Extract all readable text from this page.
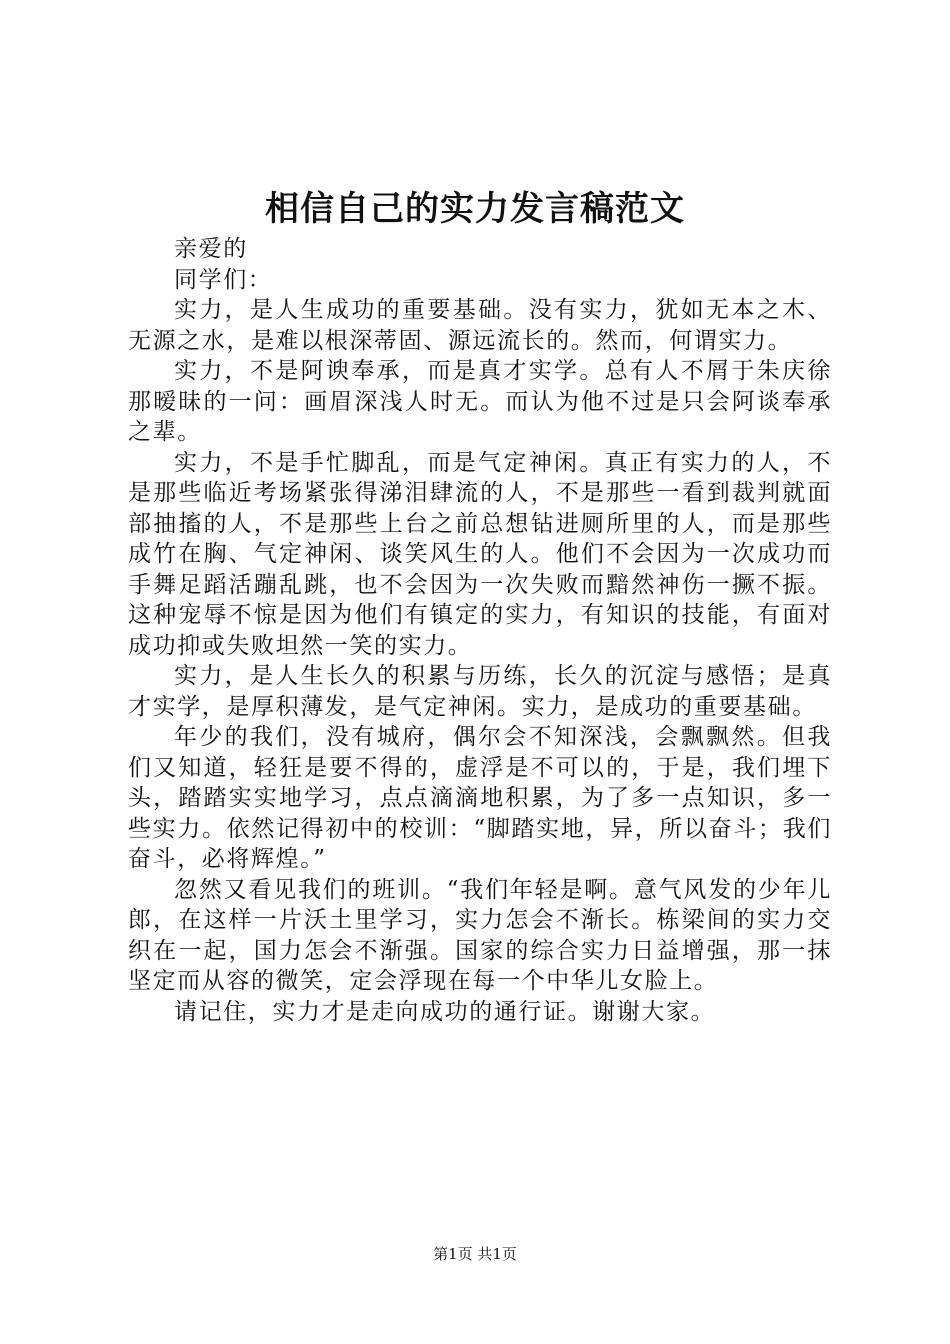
相信自己的实力发言稿范文

亲爱的

同学们：

实力，是人生成功的重要基础。没有实力，犹如无本之木、无源之水，是难以根深蒂固、源远流长的。然而，何谓实力。

实力，不是阿谀奉承，而是真才实学。总有人不屑于朱庆徐那暧昧的一问：画眉深浅人时无。而认为他不过是只会阿谈奉承之辈。

实力，不是手忙脚乱，而是气定神闲。真正有实力的人，不是那些临近考场紧张得涕泪肆流的人，不是那些一看到裁判就面部抽搐的人，不是那些上台之前总想钻进厕所里的人，而是那些成竹在胸、气定神闲、谈笑风生的人。他们不会因为一次成功而手舞足蹈活蹦乱跳，也不会因为一次失败而黯然神伤一撅不振。这种宠辱不惊是因为他们有镇定的实力，有知识的技能，有面对成功抑或失败坦然一笑的实力。

实力，是人生长久的积累与历练，长久的沉淀与感悟；是真才实学，是厚积薄发，是气定神闲。实力，是成功的重要基础。

年少的我们，没有城府，偶尔会不知深浅，会飘飘然。但我们又知道，轻狂是要不得的，虚浮是不可以的，于是，我们埋下头，踏踏实实地学习，点点滴滴地积累，为了多一点知识，多一些实力。依然记得初中的校训：“脚踏实地，异，所以奋斗；我们奋斗，必将辉煌。”

忽然又看见我们的班训。“我们年轻是啊。意气风发的少年儿郎，在这样一片沃土里学习，实力怎会不渐长。栋梁间的实力交织在一起，国力怎会不渐强。国家的综合实力日益增强，那一抹坚定而从容的微笑，定会浮现在每一个中华儿女脸上。

请记住，实力才是走向成功的通行证。谢谢大家。

第1页 共1页
